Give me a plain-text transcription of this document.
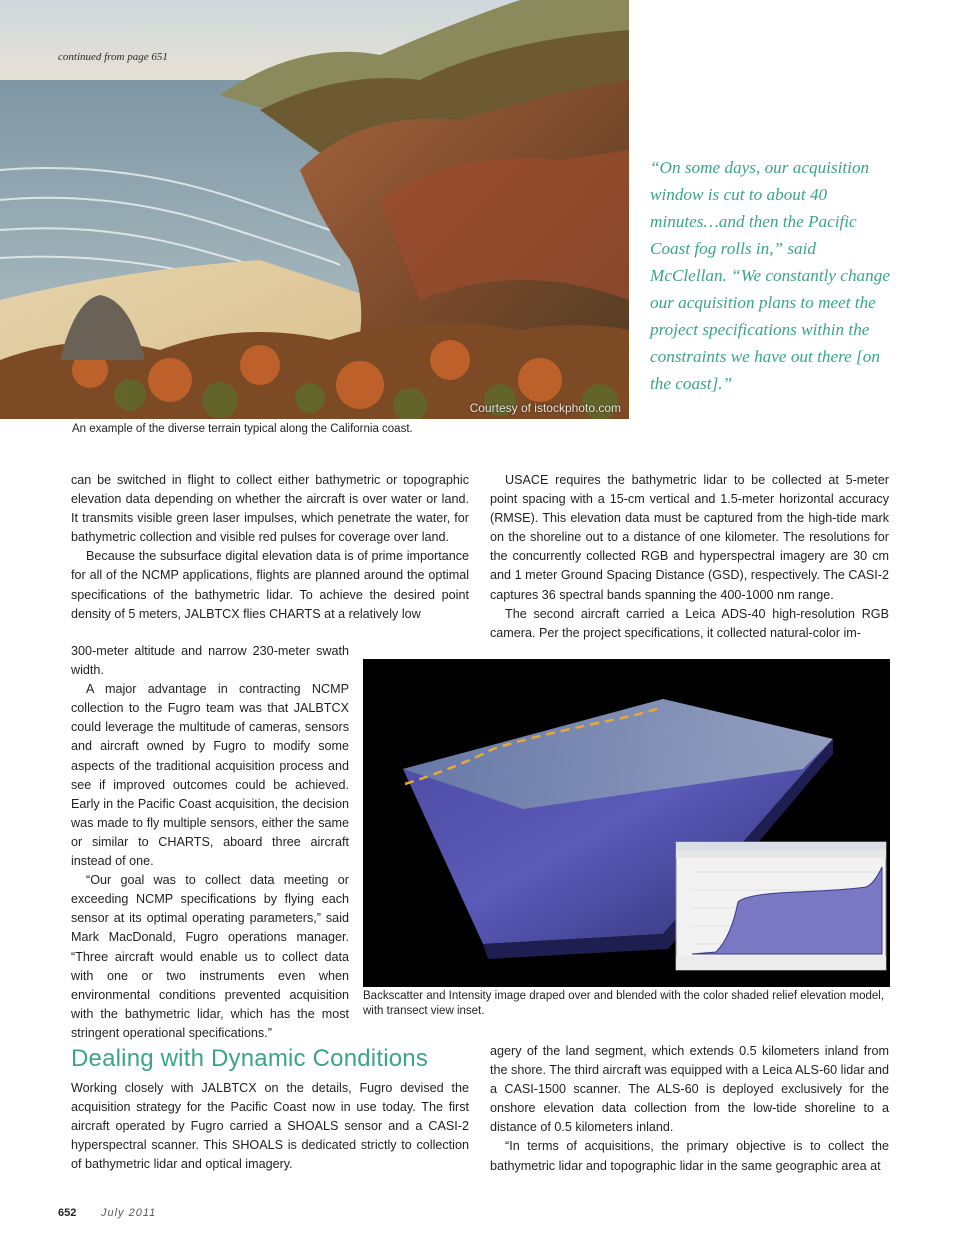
continued from page 651
Courtesy of istockphoto.com
An example of the diverse terrain typical along the California coast.
“On some days, our acquisition window is cut to about 40 minutes…and then the Pacific Coast fog rolls in,” said McClellan. “We constantly change our acquisition plans to meet the project specifications within the constraints we have out there [on the coast].”

can be switched in flight to collect either bathymetric or topographic elevation data depending on whether the aircraft is over water or land. It transmits visible green laser impulses, which penetrate the water, for bathymetric collection and visible red pulses for coverage over land.

Because the subsurface digital elevation data is of prime importance for all of the NCMP applications, flights are planned around the optimal specifications of the bathymetric lidar. To achieve the desired point density of 5 meters, JALBTCX flies CHARTS at a relatively low

300-meter altitude and narrow 230-meter swath width.

A major advantage in contracting NCMP collection to the Fugro team was that JALBTCX could leverage the multitude of cameras, sensors and aircraft owned by Fugro to modify some aspects of the traditional acquisition process and see if improved outcomes could be achieved. Early in the Pacific Coast acquisition, the decision was made to fly multiple sensors, either the same or similar to CHARTS, aboard three aircraft instead of one.

“Our goal was to collect data meeting or exceeding NCMP specifications by flying each sensor at its optimal operating parameters,” said Mark MacDonald, Fugro operations manager. “Three aircraft would enable us to collect data with one or two instruments even when environmental conditions prevented acquisition with the bathymetric lidar, which has the most stringent operational specifications.”

USACE requires the bathymetric lidar to be collected at 5-meter point spacing with a 15-cm vertical and 1.5-meter horizontal accuracy (RMSE). This elevation data must be captured from the high-tide mark on the shoreline out to a distance of one kilometer. The resolutions for the concurrently collected RGB and hyperspectral imagery are 30 cm and 1 meter Ground Spacing Distance (GSD), respectively. The CASI-2 captures 36 spectral bands spanning the 400-1000 nm range.

The second aircraft carried a Leica ADS-40 high-resolution RGB camera. Per the project specifications, it collected natural-color im-

Backscatter and Intensity image draped over and blended with the color shaded relief elevation model, with transect view inset.
Dealing with Dynamic Conditions

Working closely with JALBTCX on the details, Fugro devised the acquisition strategy for the Pacific Coast now in use today. The first aircraft operated by Fugro carried a SHOALS sensor and a CASI-2 hyperspectral scanner. This SHOALS is dedicated strictly to collection of bathymetric lidar and optical imagery.

agery of the land segment, which extends 0.5 kilometers inland from the shore. The third aircraft was equipped with a Leica ALS-60 lidar and a CASI-1500 scanner. The ALS-60 is deployed exclusively for the onshore elevation data collection from the low-tide shoreline to a distance of 0.5 kilometers inland.

“In terms of acquisitions, the primary objective is to collect the bathymetric lidar and topographic lidar in the same geographic area at

652 July 2011
